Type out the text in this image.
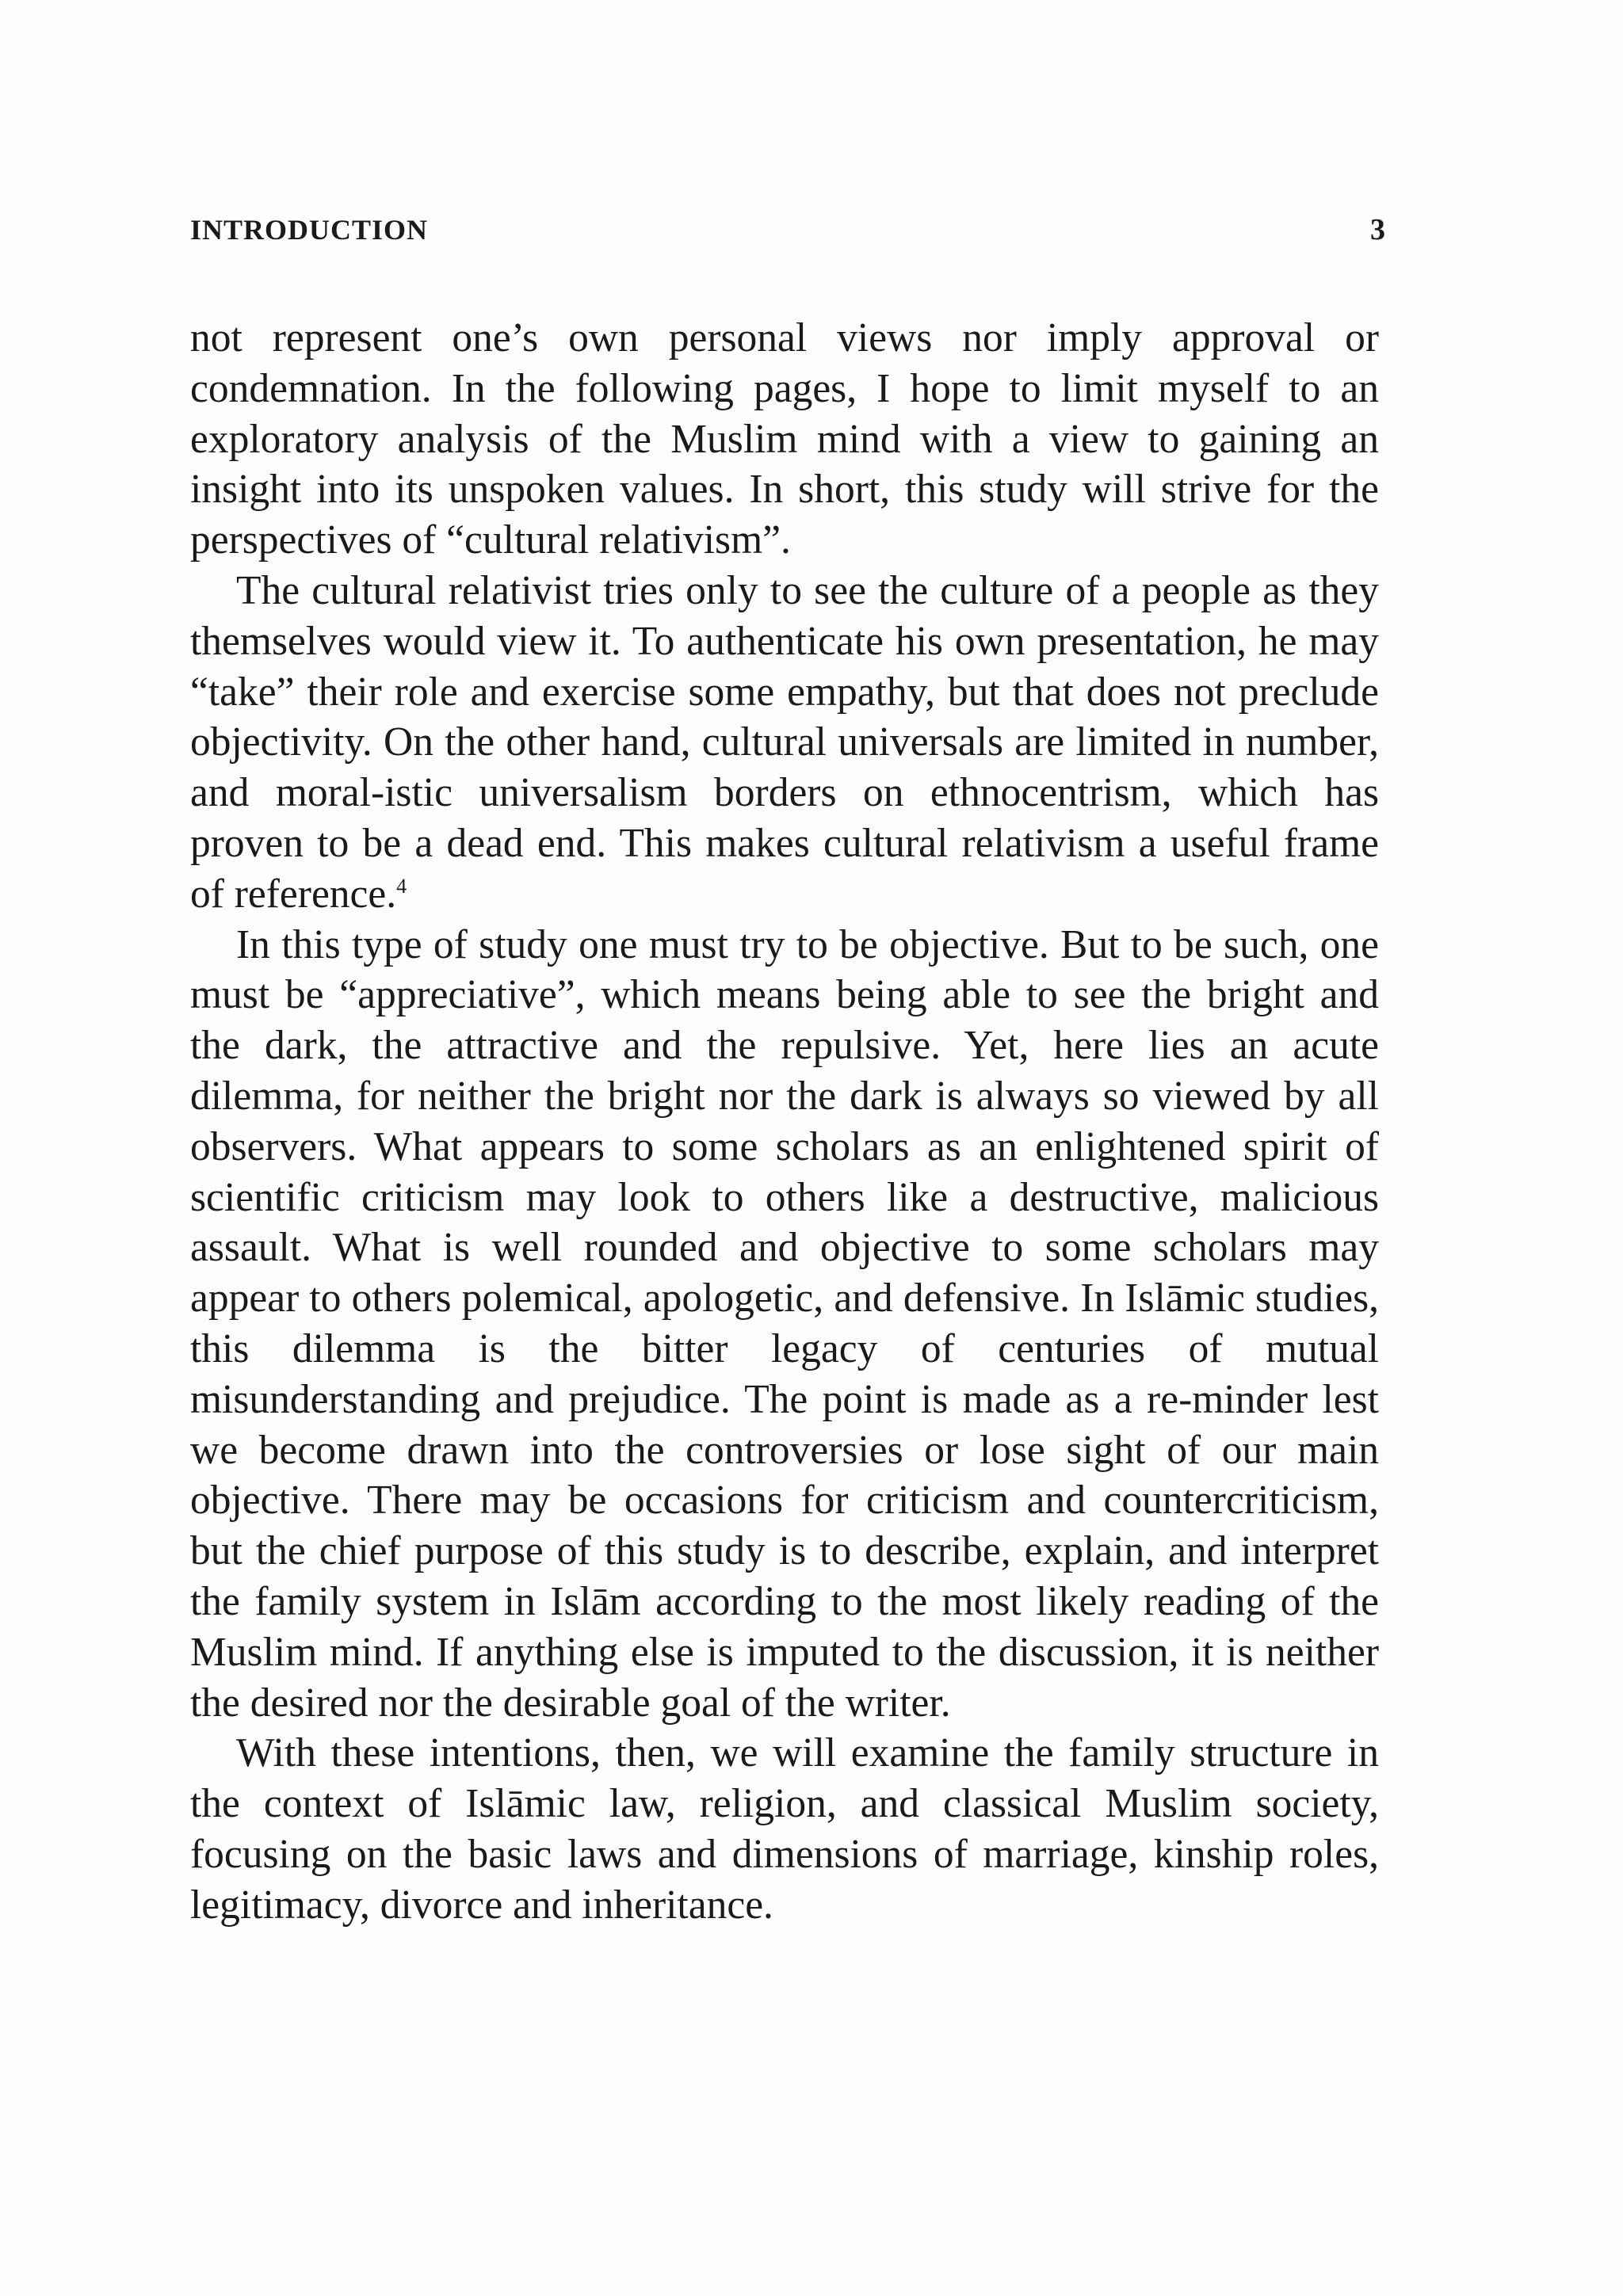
INTRODUCTION	3

not represent one’s own personal views nor imply approval or condemnation. In the following pages, I hope to limit myself to an exploratory analysis of the Muslim mind with a view to gaining an insight into its unspoken values. In short, this study will strive for the perspectives of “cultural relativism”.

The cultural relativist tries only to see the culture of a people as they themselves would view it. To authenticate his own presentation, he may “take” their role and exercise some empathy, but that does not preclude objectivity. On the other hand, cultural universals are limited in number, and moral-istic universalism borders on ethnocentrism, which has proven to be a dead end. This makes cultural relativism a useful frame of reference.$^4$

In this type of study one must try to be objective. But to be such, one must be “appreciative”, which means being able to see the bright and the dark, the attractive and the repulsive. Yet, here lies an acute dilemma, for neither the bright nor the dark is always so viewed by all observers. What appears to some scholars as an enlightened spirit of scientific criticism may look to others like a destructive, malicious assault. What is well rounded and objective to some scholars may appear to others polemical, apologetic, and defensive. In Islāmic studies, this dilemma is the bitter legacy of centuries of mutual misunderstanding and prejudice. The point is made as a re-minder lest we become drawn into the controversies or lose sight of our main objective. There may be occasions for criticism and countercriticism, but the chief purpose of this study is to describe, explain, and interpret the family system in Islām according to the most likely reading of the Muslim mind. If anything else is imputed to the discussion, it is neither the desired nor the desirable goal of the writer.

With these intentions, then, we will examine the family structure in the context of Islāmic law, religion, and classical Muslim society, focusing on the basic laws and dimensions of marriage, kinship roles, legitimacy, divorce and inheritance.
